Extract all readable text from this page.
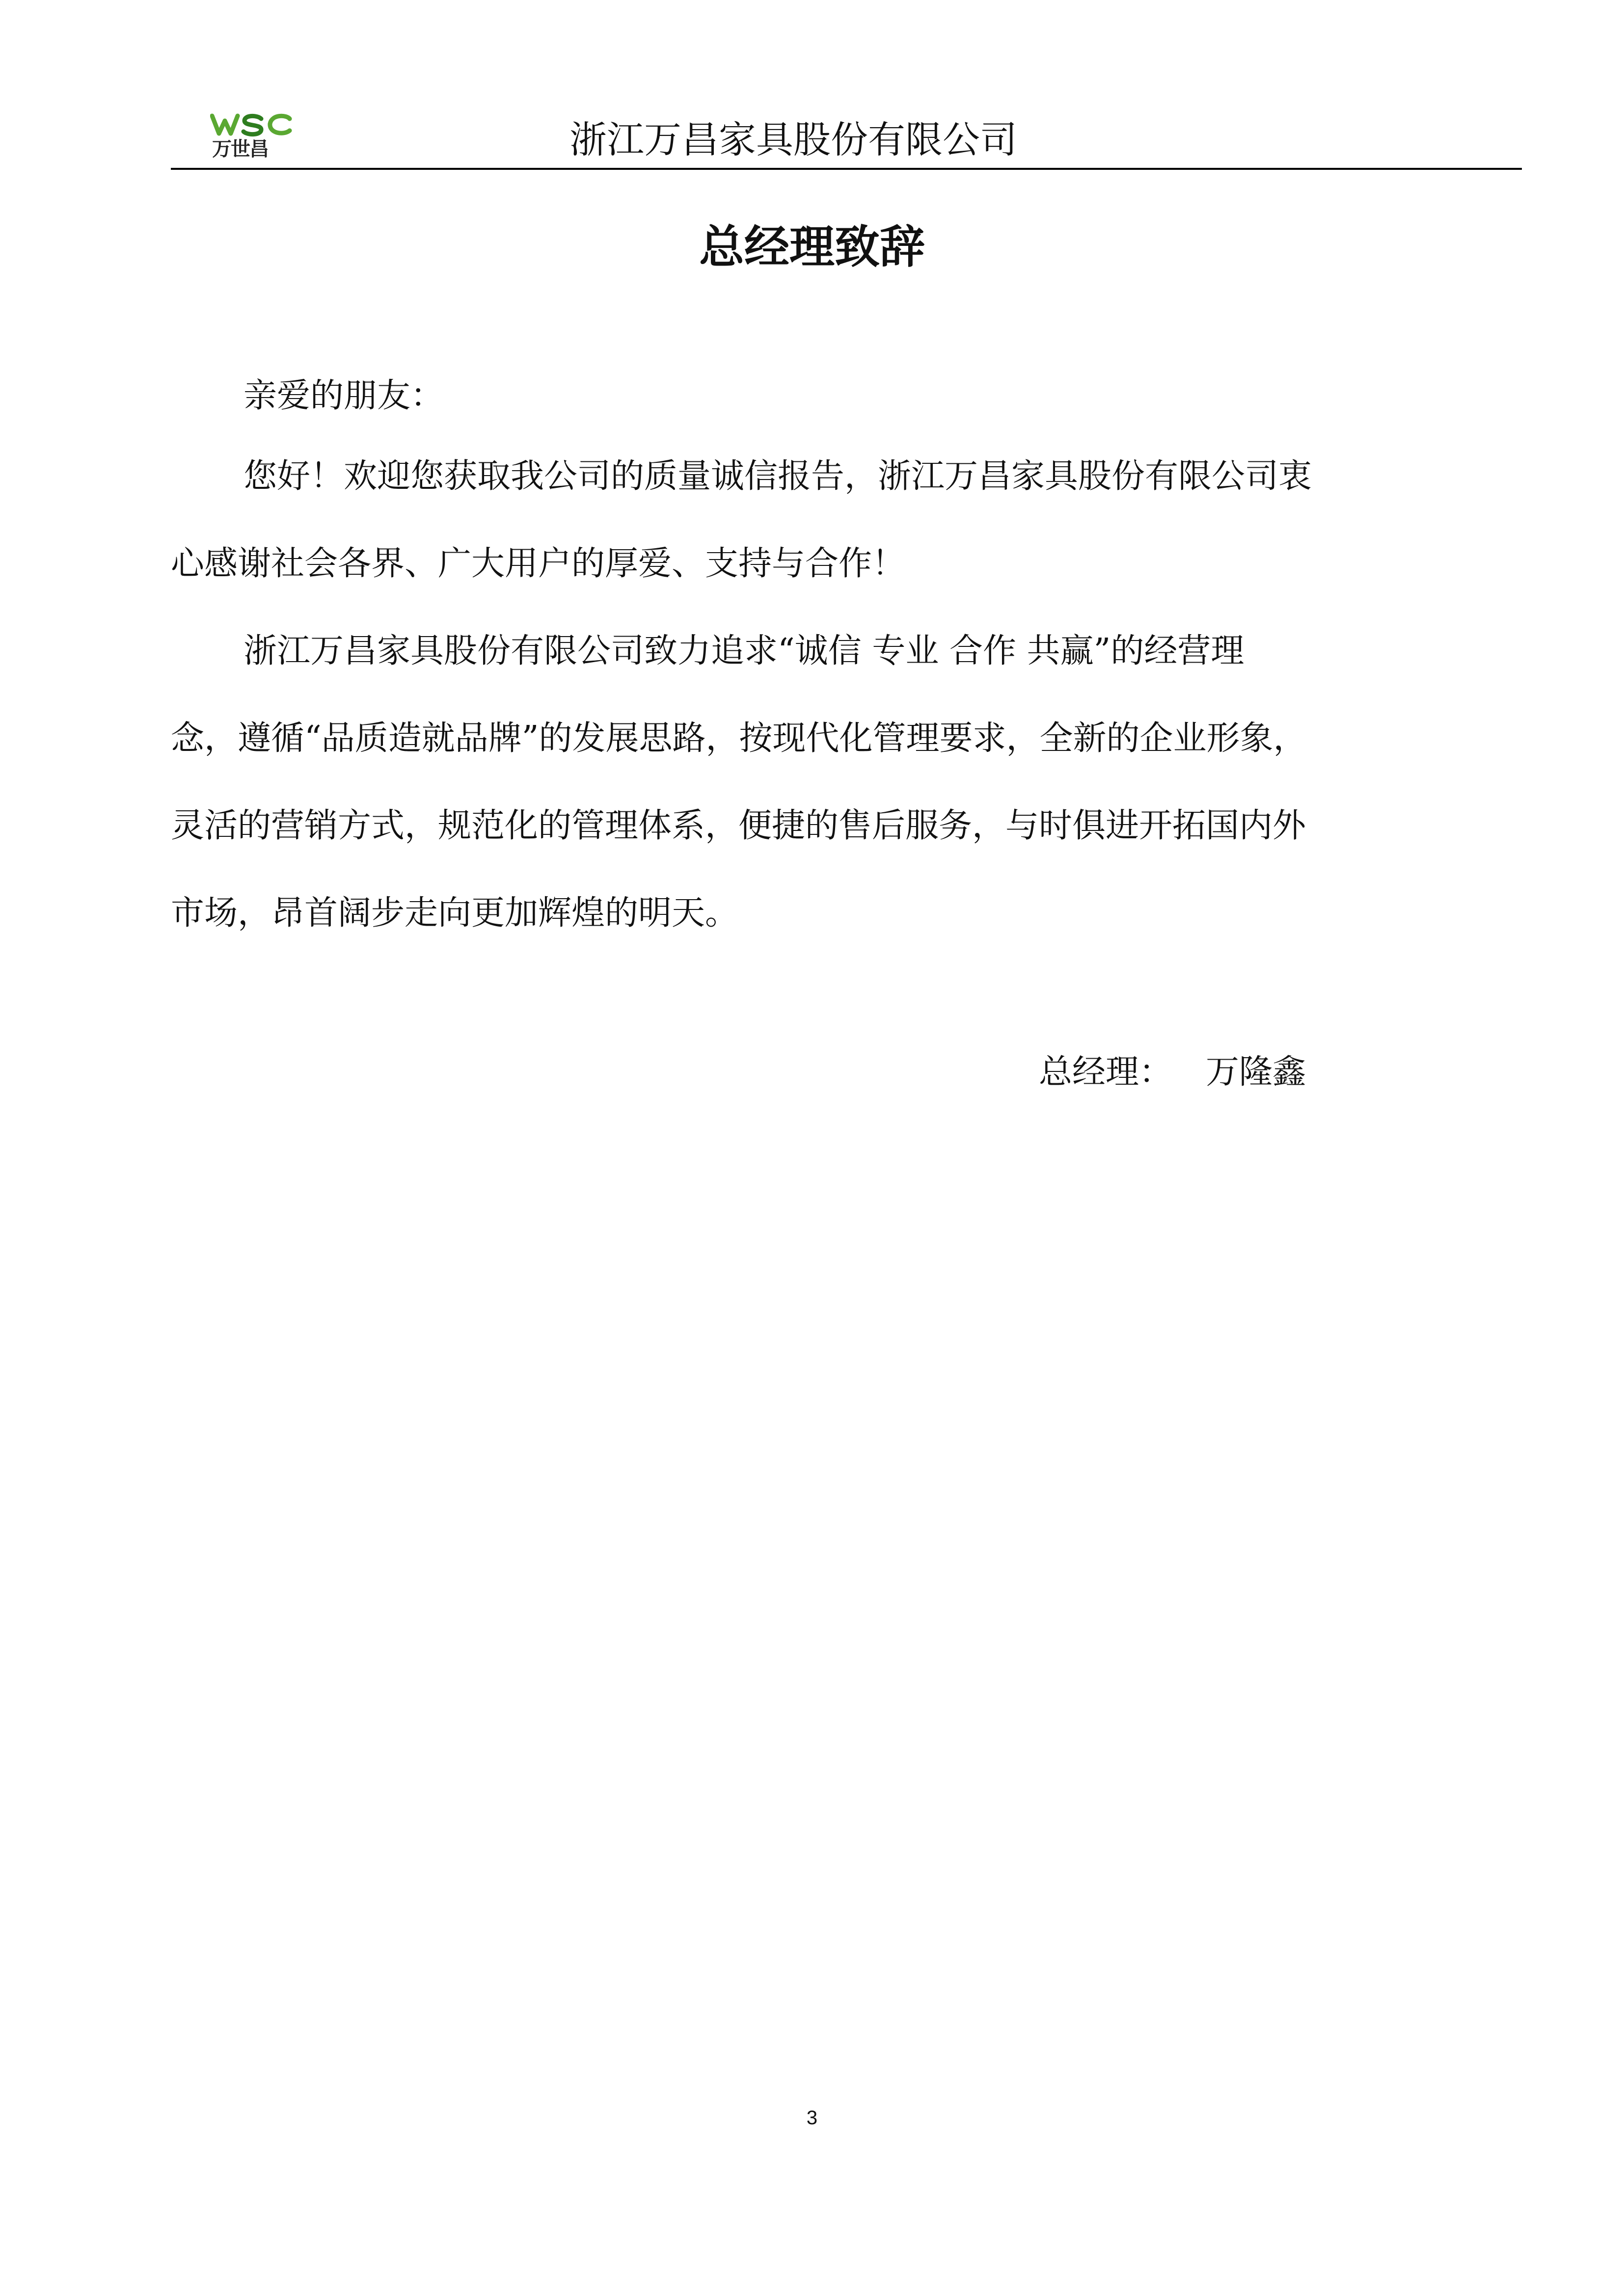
万世昌	浙江万昌家具股份有限公司
总经理致辞
亲爱的朋友：
您好！欢迎您获取我公司的质量诚信报告，浙江万昌家具股份有限公司衷
心感谢社会各界、广大用户的厚爱、支持与合作！
浙江万昌家具股份有限公司致力追求“诚信 专业 合作 共赢”的经营理
念，遵循“品质造就品牌”的发展思路，按现代化管理要求，全新的企业形象，
灵活的营销方式，规范化的管理体系，便捷的售后服务，与时俱进开拓国内外
市场，昂首阔步走向更加辉煌的明天。
总经理： 万隆鑫
3
